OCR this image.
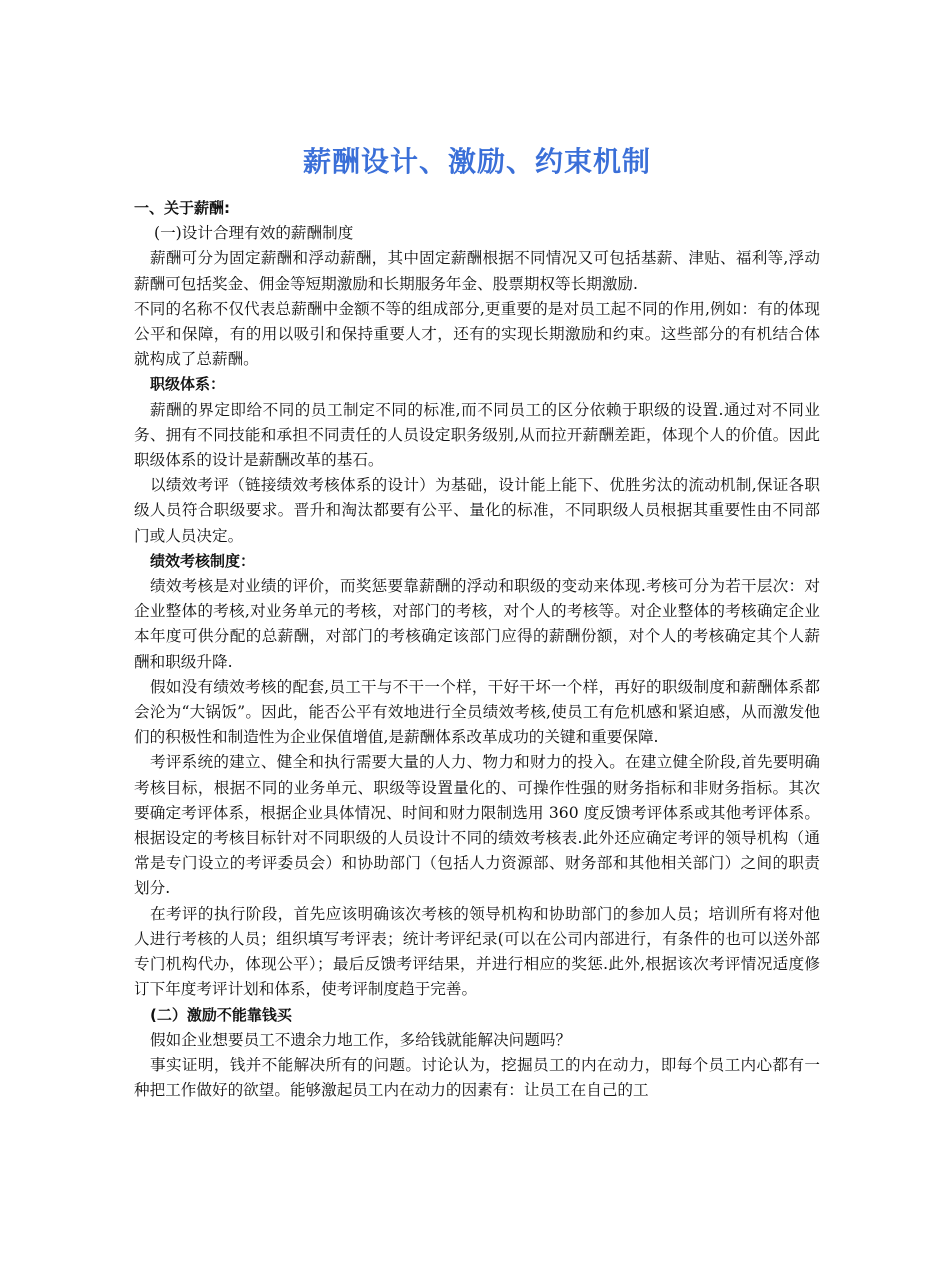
薪酬设计、激励、约束机制
一、关于薪酬:
(一)设计合理有效的薪酬制度

薪酬可分为固定薪酬和浮动薪酬，其中固定薪酬根据不同情况又可包括基薪、津贴、福利等,浮动薪酬可包括奖金、佣金等短期激励和长期服务年金、股票期权等长期激励.

不同的名称不仅代表总薪酬中金额不等的组成部分,更重要的是对员工起不同的作用,例如：有的体现公平和保障，有的用以吸引和保持重要人才，还有的实现长期激励和约束。这些部分的有机结合体就构成了总薪酬。

职级体系：

薪酬的界定即给不同的员工制定不同的标准,而不同员工的区分依赖于职级的设置.通过对不同业务、拥有不同技能和承担不同责任的人员设定职务级别,从而拉开薪酬差距，体现个人的价值。因此职级体系的设计是薪酬改革的基石。

以绩效考评（链接绩效考核体系的设计）为基础，设计能上能下、优胜劣汰的流动机制,保证各职级人员符合职级要求。晋升和淘汰都要有公平、量化的标准，不同职级人员根据其重要性由不同部门或人员决定。

绩效考核制度：

绩效考核是对业绩的评价，而奖惩要靠薪酬的浮动和职级的变动来体现.考核可分为若干层次：对企业整体的考核,对业务单元的考核，对部门的考核，对个人的考核等。对企业整体的考核确定企业本年度可供分配的总薪酬，对部门的考核确定该部门应得的薪酬份额，对个人的考核确定其个人薪酬和职级升降.

假如没有绩效考核的配套,员工干与不干一个样，干好干坏一个样，再好的职级制度和薪酬体系都会沦为“大锅饭”。因此，能否公平有效地进行全员绩效考核,使员工有危机感和紧迫感，从而激发他们的积极性和制造性为企业保值增值,是薪酬体系改革成功的关键和重要保障.

考评系统的建立、健全和执行需要大量的人力、物力和财力的投入。在建立健全阶段,首先要明确考核目标，根据不同的业务单元、职级等设置量化的、可操作性强的财务指标和非财务指标。其次要确定考评体系，根据企业具体情况、时间和财力限制选用 360 度反馈考评体系或其他考评体系。根据设定的考核目标针对不同职级的人员设计不同的绩效考核表.此外还应确定考评的领导机构（通常是专门设立的考评委员会）和协助部门（包括人力资源部、财务部和其他相关部门）之间的职责划分.

在考评的执行阶段，首先应该明确该次考核的领导机构和协助部门的参加人员；培训所有将对他人进行考核的人员；组织填写考评表；统计考评纪录(可以在公司内部进行，有条件的也可以送外部专门机构代办，体现公平）；最后反馈考评结果，并进行相应的奖惩.此外,根据该次考评情况适度修订下年度考评计划和体系，使考评制度趋于完善。

(二）激励不能靠钱买

假如企业想要员工不遗余力地工作，多给钱就能解决问题吗？

事实证明，钱并不能解决所有的问题。讨论认为，挖掘员工的内在动力，即每个员工内心都有一种把工作做好的欲望。能够激起员工内在动力的因素有：让员工在自己的工
